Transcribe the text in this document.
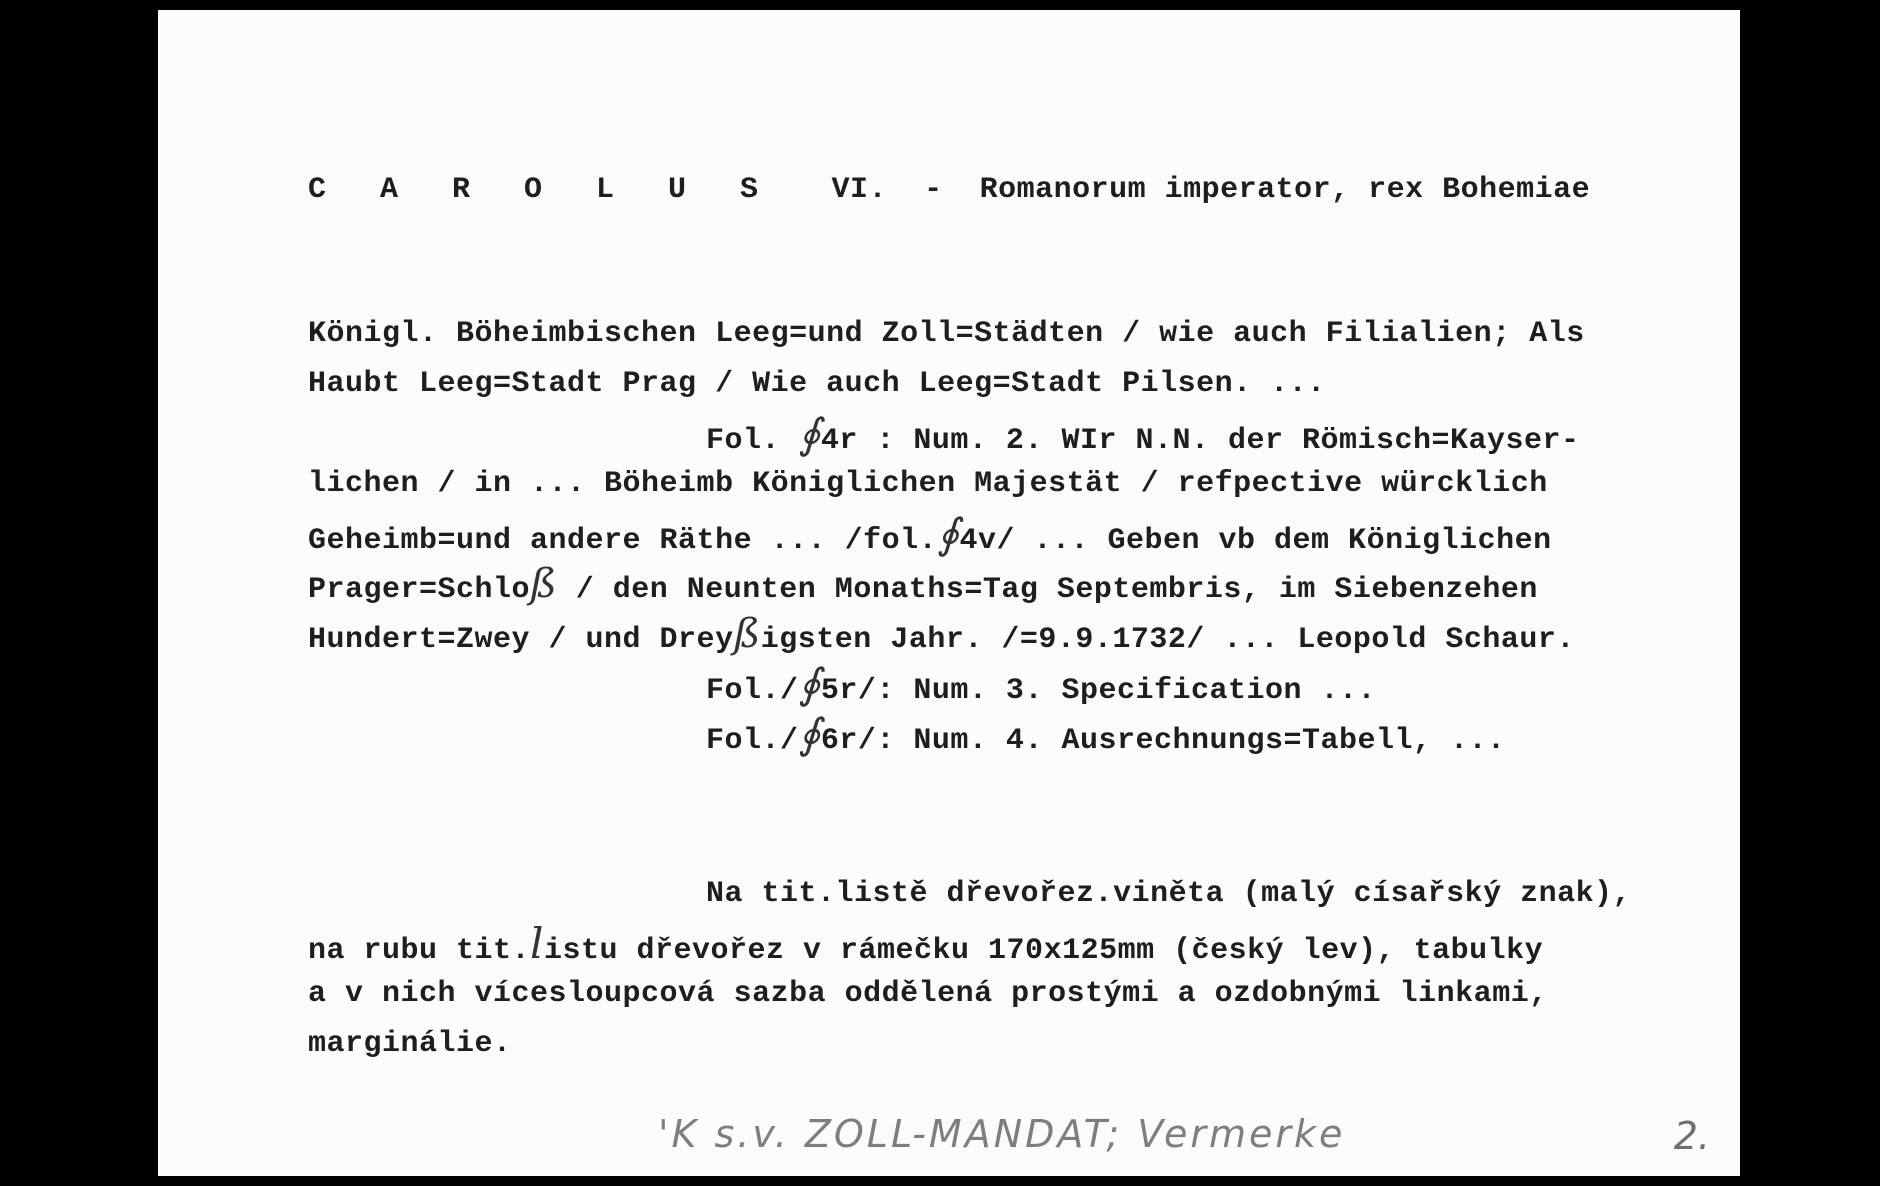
C A R O L U S   VI.  -  Romanorum imperator, rex Bohemiae
Königl. Böheimbischen Leeg=und Zoll=Städten / wie auch Filialien; Als
Haubt Leeg=Stadt Prag / Wie auch Leeg=Stadt Pilsen. ...
Fol. ∮4r : Num. 2. WIr N.N. der Römisch=Kayser-
lichen / in ... Böheimb Königlichen Majestät / refpective würcklich
Geheimb=und andere Räthe ... /fol.∮4v/ ... Geben vb dem Königlichen
Prager=Schloß / den Neunten Monaths=Tag Septembris, im Siebenzehen
Hundert=Zwey / und Dreyßigsten Jahr. /=9.9.1732/ ... Leopold Schaur.
Fol./∮5r/: Num. 3. Specification ...
Fol./∮6r/: Num. 4. Ausrechnungs=Tabell, ...
Na tit.listě dřevořez.viněta (malý císařský znak),
na rubu tit.listu dřevořez v rámečku 170x125mm (český lev), tabulky
a v nich vícesloupcová sazba oddělená prostými a ozdobnými linkami,
marginálie.
'K s.v. ZOLL-MANDAT; Vermerke	2.
